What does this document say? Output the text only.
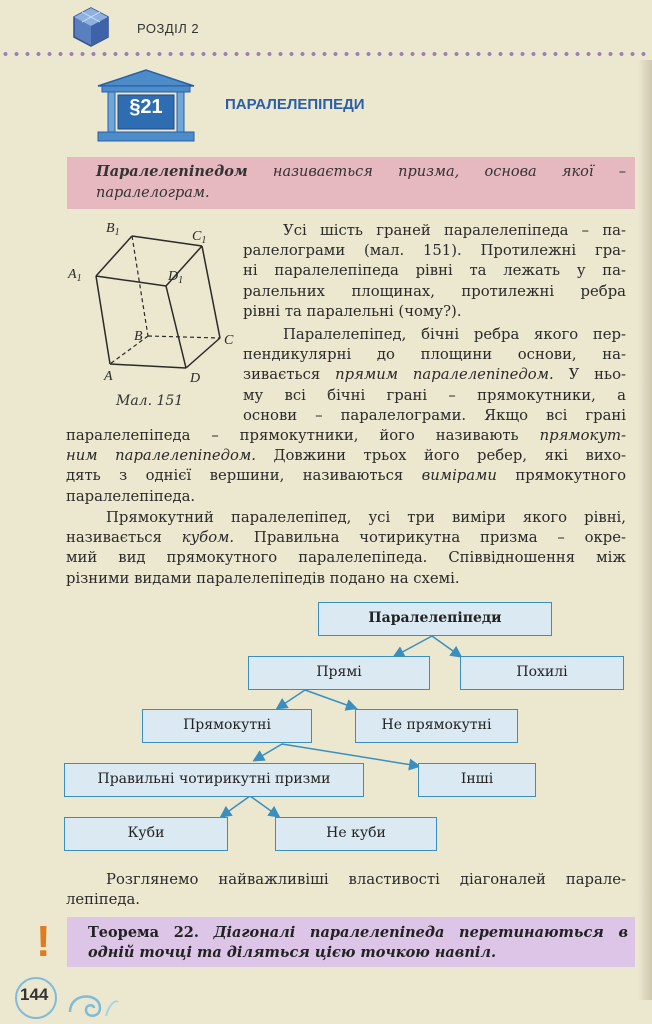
РОЗДІЛ 2
§21	ПАРАЛЕЛЕПІПЕДИ
Паралелепіпедом називається призма, основа якої –
паралелограм.
$B_1$	$C_1$
$A_1$	$D_1$
B	C
A	D
Мал. 151

Усі шість граней паралелепіпеда – па-

ралелограми (мал. 151). Протилежні гра-

ні паралелепіпеда рівні та лежать у па-

ралельних площинах, протилежні ребра

рівні та паралельні (чому?).

Паралелепіпед, бічні ребра якого пер-

пендикулярні до площини основи, на-

зивається прямим паралелепіпедом. У ньо-

му всі бічні грані – прямокутники, а

основи – паралелограми. Якщо всі грані

паралелепіпеда – прямокутники, його називають прямокут-

ним паралелепіпедом. Довжини трьох його ребер, які вихо-

дять з однієї вершини, називаються вимірами прямокутного

паралелепіпеда.

Прямокутний паралелепіпед, усі три виміри якого рівні,

називається кубом. Правильна чотирикутна призма – окре-

мий вид прямокутного паралелепіпеда. Співвідношення між

різними видами паралелепіпедів подано на схемі.

Паралелепіпеди
Прямі	Похилі
Прямокутні	Не прямокутні
Правильні чотирикутні призми	Інші
Куби	Не куби

Розглянемо найважливіші властивості діагоналей парале-

лепіпеда.

!	Теорема 22. Діагоналі паралелепіпеда перетинаються в
одній точці та діляться цією точкою навпіл.
144
